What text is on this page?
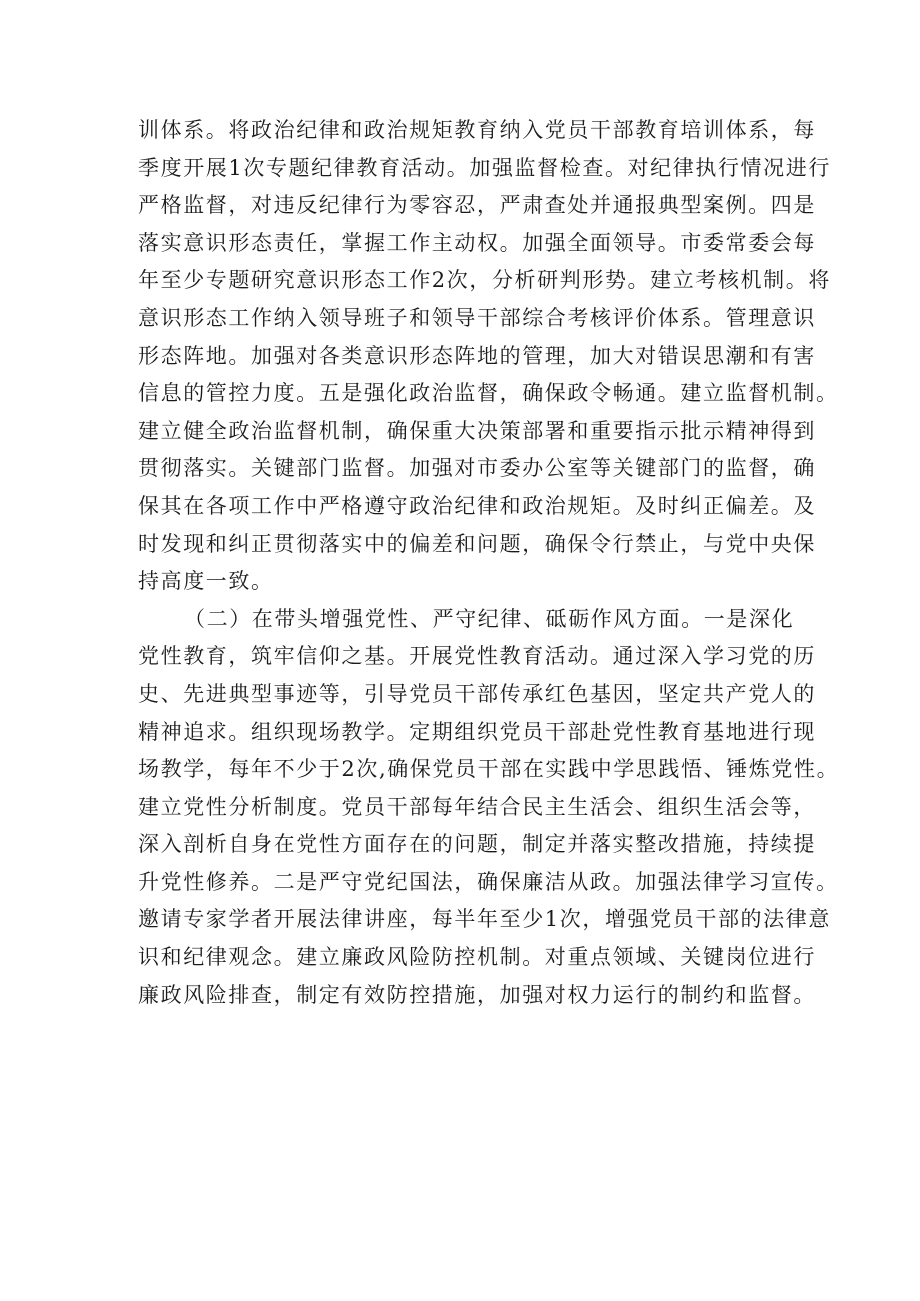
训体系。将政治纪律和政治规矩教育纳入党员干部教育培训体系，每
季度开展1次专题纪律教育活动。加强监督检查。对纪律执行情况进行
严格监督，对违反纪律行为零容忍，严肃查处并通报典型案例。四是
落实意识形态责任，掌握工作主动权。加强全面领导。市委常委会每
年至少专题研究意识形态工作2次，分析研判形势。建立考核机制。将
意识形态工作纳入领导班子和领导干部综合考核评价体系。管理意识
形态阵地。加强对各类意识形态阵地的管理，加大对错误思潮和有害
信息的管控力度。五是强化政治监督，确保政令畅通。建立监督机制。
建立健全政治监督机制，确保重大决策部署和重要指示批示精神得到
贯彻落实。关键部门监督。加强对市委办公室等关键部门的监督，确
保其在各项工作中严格遵守政治纪律和政治规矩。及时纠正偏差。及
时发现和纠正贯彻落实中的偏差和问题，确保令行禁止，与党中央保
持高度一致。
（二）在带头增强党性、严守纪律、砥砺作风方面。一是深化
党性教育，筑牢信仰之基。开展党性教育活动。通过深入学习党的历
史、先进典型事迹等，引导党员干部传承红色基因，坚定共产党人的
精神追求。组织现场教学。定期组织党员干部赴党性教育基地进行现
场教学，每年不少于2次,确保党员干部在实践中学思践悟、锤炼党性。
建立党性分析制度。党员干部每年结合民主生活会、组织生活会等，
深入剖析自身在党性方面存在的问题，制定并落实整改措施，持续提
升党性修养。二是严守党纪国法，确保廉洁从政。加强法律学习宣传。
邀请专家学者开展法律讲座，每半年至少1次，增强党员干部的法律意
识和纪律观念。建立廉政风险防控机制。对重点领域、关键岗位进行
廉政风险排查，制定有效防控措施，加强对权力运行的制约和监督。
